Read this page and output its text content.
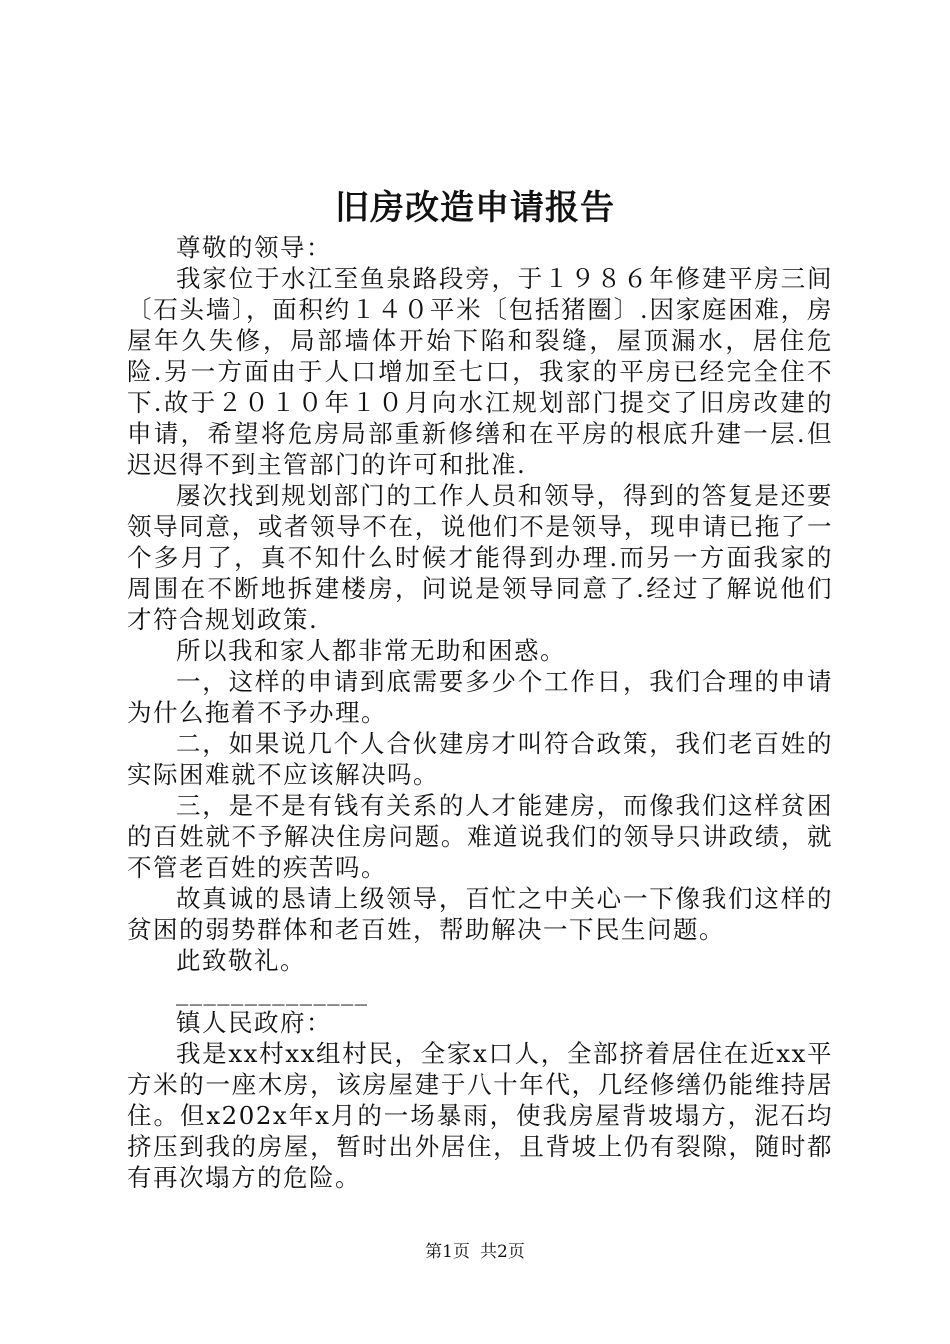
旧房改造申请报告

尊敬的领导：

我家位于水江至鱼泉路段旁，于１９８６年修建平房三间〔石头墙〕，面积约１４０平米〔包括猪圈〕.因家庭困难，房屋年久失修，局部墙体开始下陷和裂缝，屋顶漏水，居住危险.另一方面由于人口增加至七口，我家的平房已经完全住不下.故于２０１０年１０月向水江规划部门提交了旧房改建的申请，希望将危房局部重新修缮和在平房的根底升建一层.但迟迟得不到主管部门的许可和批准.

屡次找到规划部门的工作人员和领导，得到的答复是还要领导同意，或者领导不在，说他们不是领导，现申请已拖了一个多月了，真不知什么时候才能得到办理.而另一方面我家的周围在不断地拆建楼房，问说是领导同意了.经过了解说他们才符合规划政策.

所以我和家人都非常无助和困惑。

一，这样的申请到底需要多少个工作日，我们合理的申请为什么拖着不予办理。

二，如果说几个人合伙建房才叫符合政策，我们老百姓的实际困难就不应该解决吗。

三，是不是有钱有关系的人才能建房，而像我们这样贫困的百姓就不予解决住房问题。难道说我们的领导只讲政绩，就不管老百姓的疾苦吗。

故真诚的恳请上级领导，百忙之中关心一下像我们这样的贫困的弱势群体和老百姓，帮助解决一下民生问题。

此致敬礼。

______________

镇人民政府：

我是xx村xx组村民，全家x口人，全部挤着居住在近xx平方米的一座木房，该房屋建于八十年代，几经修缮仍能维持居住。但x202x年x月的一场暴雨，使我房屋背坡塌方，泥石均挤压到我的房屋，暂时出外居住，且背坡上仍有裂隙，随时都有再次塌方的危险。

第1页 共2页
